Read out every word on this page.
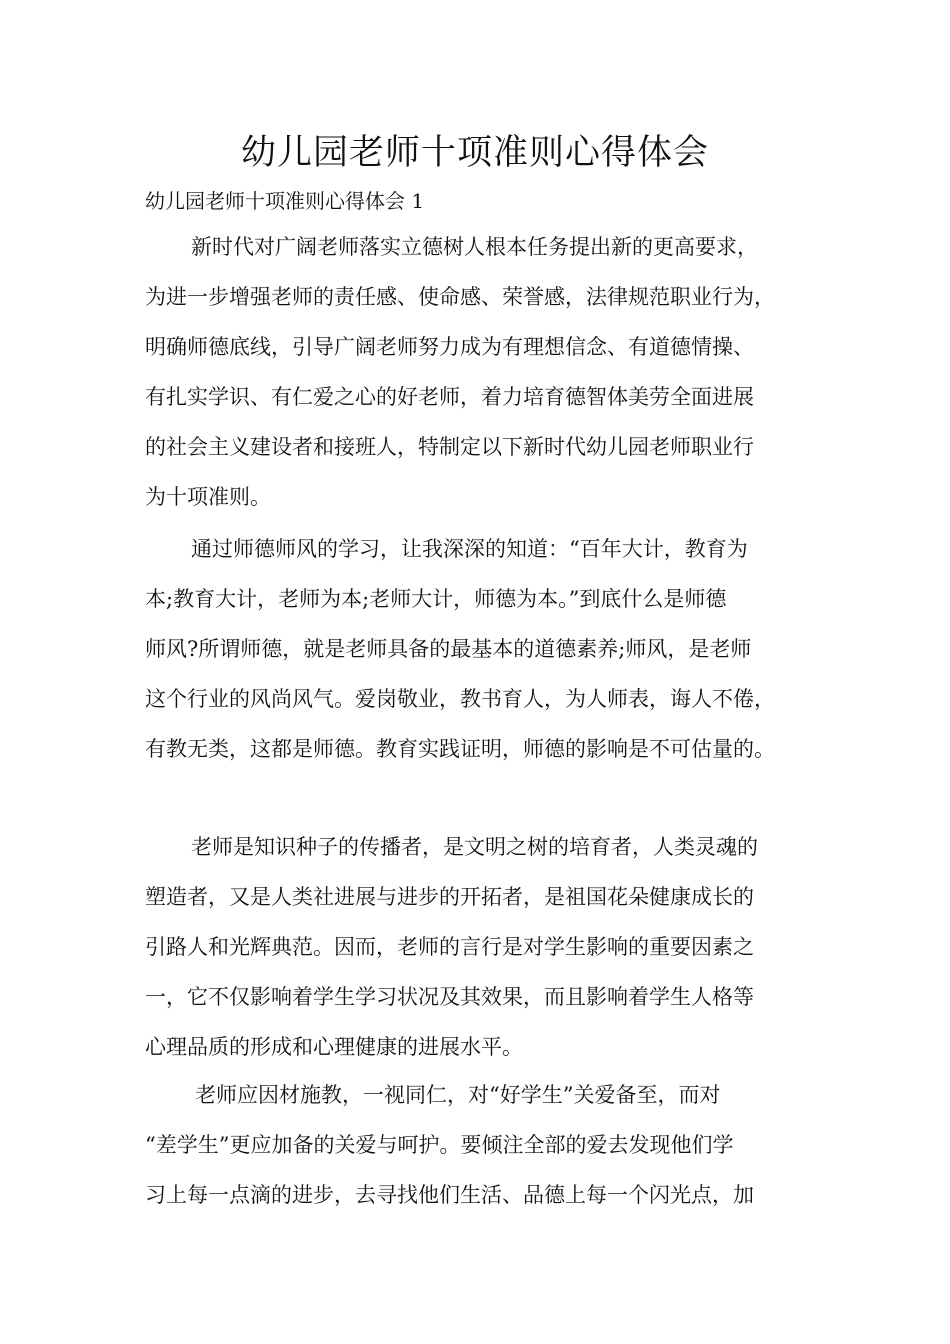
幼儿园老师十项准则心得体会

幼儿园老师十项准则心得体会 1

新时代对广阔老师落实立德树人根本任务提出新的更高要求，
为进一步增强老师的责任感、使命感、荣誉感，法律规范职业行为，
明确师德底线，引导广阔老师努力成为有理想信念、有道德情操、
有扎实学识、有仁爱之心的好老师，着力培育德智体美劳全面进展
的社会主义建设者和接班人，特制定以下新时代幼儿园老师职业行
为十项准则。
通过师德师风的学习，让我深深的知道：“百年大计，教育为
本;教育大计，老师为本;老师大计，师德为本。”到底什么是师德
师风?所谓师德，就是老师具备的最基本的道德素养;师风，是老师
这个行业的风尚风气。爱岗敬业，教书育人，为人师表，诲人不倦，
有教无类，这都是师德。教育实践证明，师德的影响是不可估量的。
老师是知识种子的传播者，是文明之树的培育者，人类灵魂的
塑造者，又是人类社进展与进步的开拓者，是祖国花朵健康成长的
引路人和光辉典范。因而，老师的言行是对学生影响的重要因素之
一，它不仅影响着学生学习状况及其效果，而且影响着学生人格等
心理品质的形成和心理健康的进展水平。
老师应因材施教，一视同仁，对“好学生”关爱备至，而对
“差学生”更应加备的关爱与呵护。要倾注全部的爱去发现他们学
习上每一点滴的进步，去寻找他们生活、品德上每一个闪光点，加
